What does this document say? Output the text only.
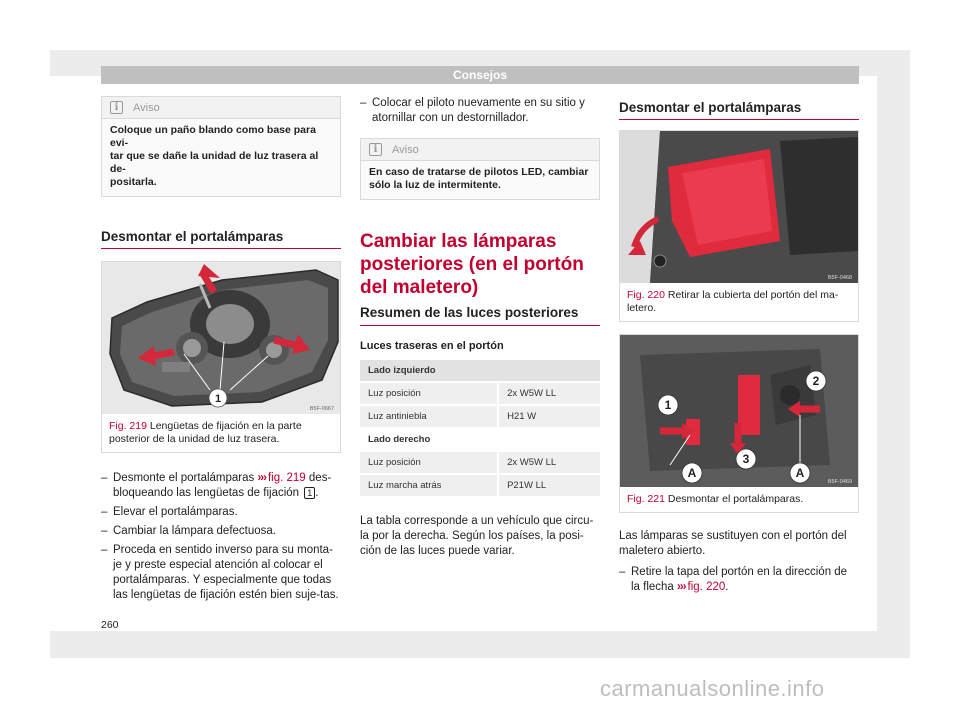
Consejos
i	Aviso
Coloque un paño blando como base para evi-
tar que se dañe la unidad de luz trasera al de-
positarla.
Desmontar el portalámparas
1
B5F-0667
Fig. 219 Lengüetas de fijación en la parte posterior de la unidad de luz trasera.
– Desmonte el portalámparas ››› fig. 219 des-bloqueando las lengüetas de fijación 1 .
– Elevar el portalámparas.
– Cambiar la lámpara defectuosa.
– Proceda en sentido inverso para su monta-je y preste especial atención al colocar el portalámparas. Y especialmente que todas las lengüetas de fijación estén bien suje-tas.
– Colocar el piloto nuevamente en su sitio y atornillar con un destornillador.
i	Aviso
En caso de tratarse de pilotos LED, cambiar
sólo la luz de intermitente.
Cambiar las lámparas posteriores (en el portón del maletero)
Resumen de las luces posteriores
Luces traseras en el portón
Lado izquierdo	
Luz posición	2x W5W LL
Luz antiniebla	H21 W
Lado derecho	
Luz posición	2x W5W LL
Luz marcha atrás	P21W LL
La tabla corresponde a un vehículo que circu-la por la derecha. Según los países, la posi-ción de las luces puede variar.
Desmontar el portalámparas
B5F-0468
Fig. 220 Retirar la cubierta del portón del ma-letero.
1
2
3
A	A
B5F-0469
Fig. 221 Desmontar el portalámparas.
Las lámparas se sustituyen con el portón del maletero abierto.
– Retire la tapa del portón en la dirección de la flecha ››› fig. 220.
260
carmanualsonline.info
